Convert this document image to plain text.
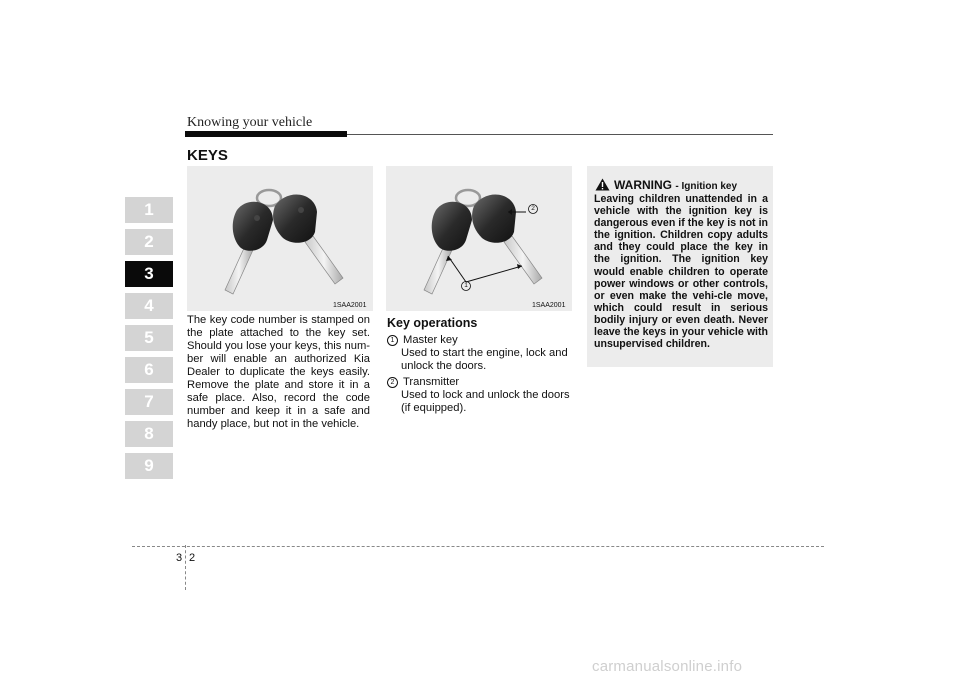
Knowing your vehicle
1
2
3
4
5
6
7
8
9
KEYS
1SAA2001
1
2
1SAA2001
The key code number is stamped on the plate attached to the key set. Should you lose your keys, this num-ber will enable an authorized Kia Dealer to duplicate the keys easily. Remove the plate and store it in a safe place. Also, record the code number and keep it in a safe and handy place, but not in the vehicle.
Key operations
1 Master key
Used to start the engine, lock and unlock the doors.
2 Transmitter
Used to lock and unlock the doors (if equipped).
WARNING - Ignition key
Leaving children unattended in a vehicle with the ignition key is dangerous even if the key is not in the ignition. Children copy adults and they could place the key in the ignition. The ignition key would enable children to operate power windows or other controls, or even make the vehi-cle move, which could result in serious bodily injury or even death. Never leave the keys in your vehicle with unsupervised children.
3 2
carmanualsonline.info
